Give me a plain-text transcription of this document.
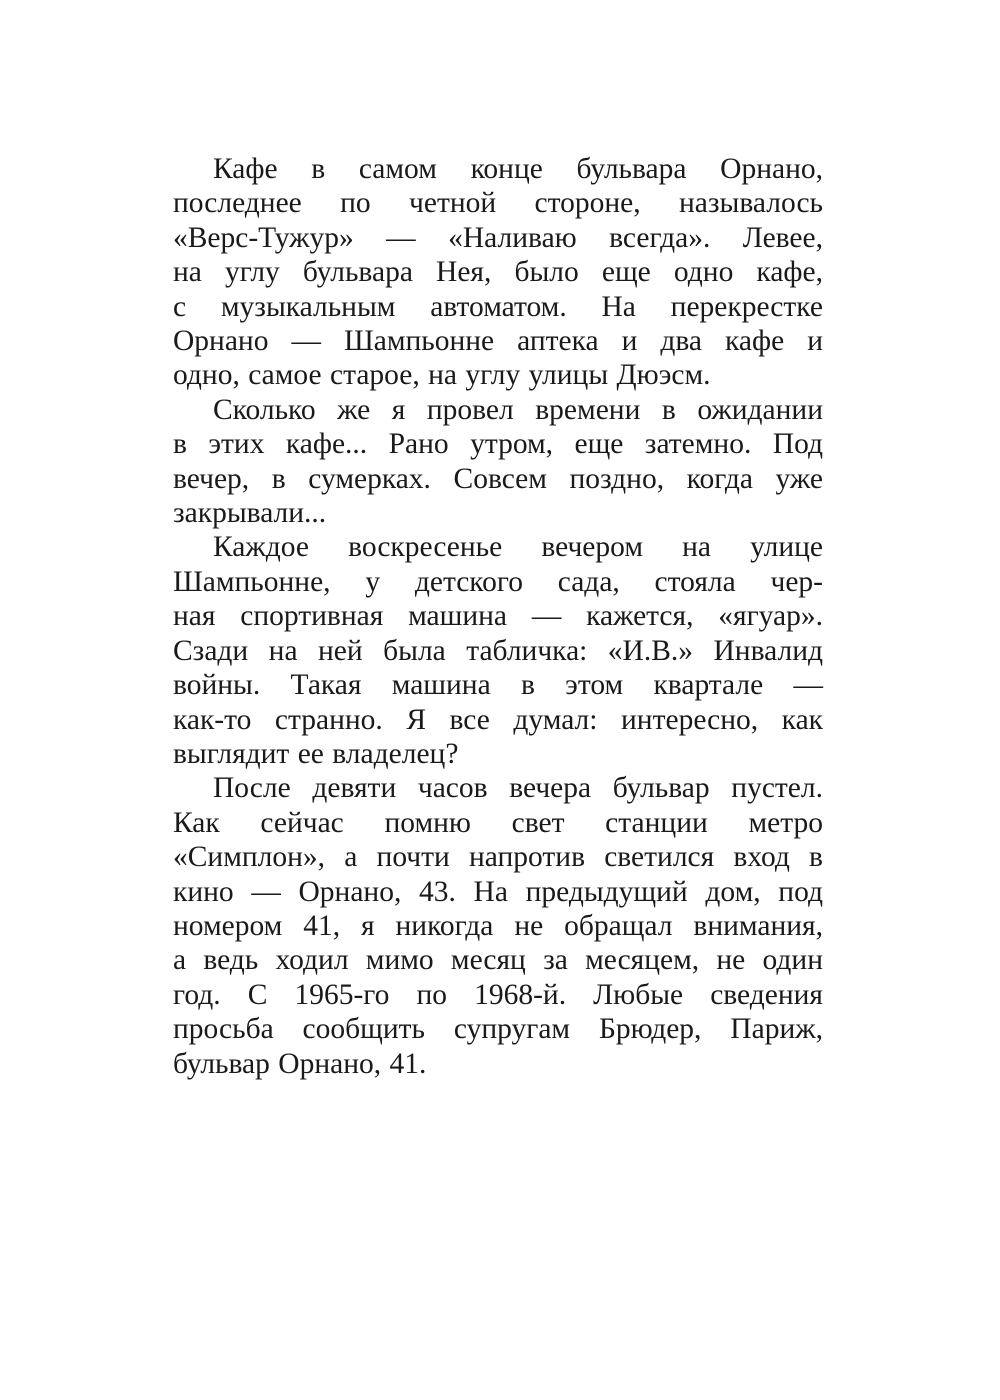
Кафе в самом конце бульвара Орнано,
последнее по четной стороне, называлось
«Верс-Тужур» — «Наливаю всегда». Левее,
на углу бульвара Нея, было еще одно кафе,
с музыкальным автоматом. На перекрестке
Орнано — Шампьонне аптека и два кафе и
одно, самое старое, на углу улицы Дюэсм.
Сколько же я провел времени в ожидании
в этих кафе... Рано утром, еще затемно. Под
вечер, в сумерках. Совсем поздно, когда уже
закрывали...
Каждое воскресенье вечером на улице
Шампьонне, у детского сада, стояла чер-
ная спортивная машина — кажется, «ягуар».
Сзади на ней была табличка: «И.В.» Инвалид
войны. Такая машина в этом квартале —
как-то странно. Я все думал: интересно, как
выглядит ее владелец?
После девяти часов вечера бульвар пустел.
Как сейчас помню свет станции метро
«Симплон», а почти напротив светился вход в
кино — Орнано, 43. На предыдущий дом, под
номером 41, я никогда не обращал внимания,
а ведь ходил мимо месяц за месяцем, не один
год. С 1965-го по 1968-й. Любые сведения
просьба сообщить супругам Брюдер, Париж,
бульвар Орнано, 41.
